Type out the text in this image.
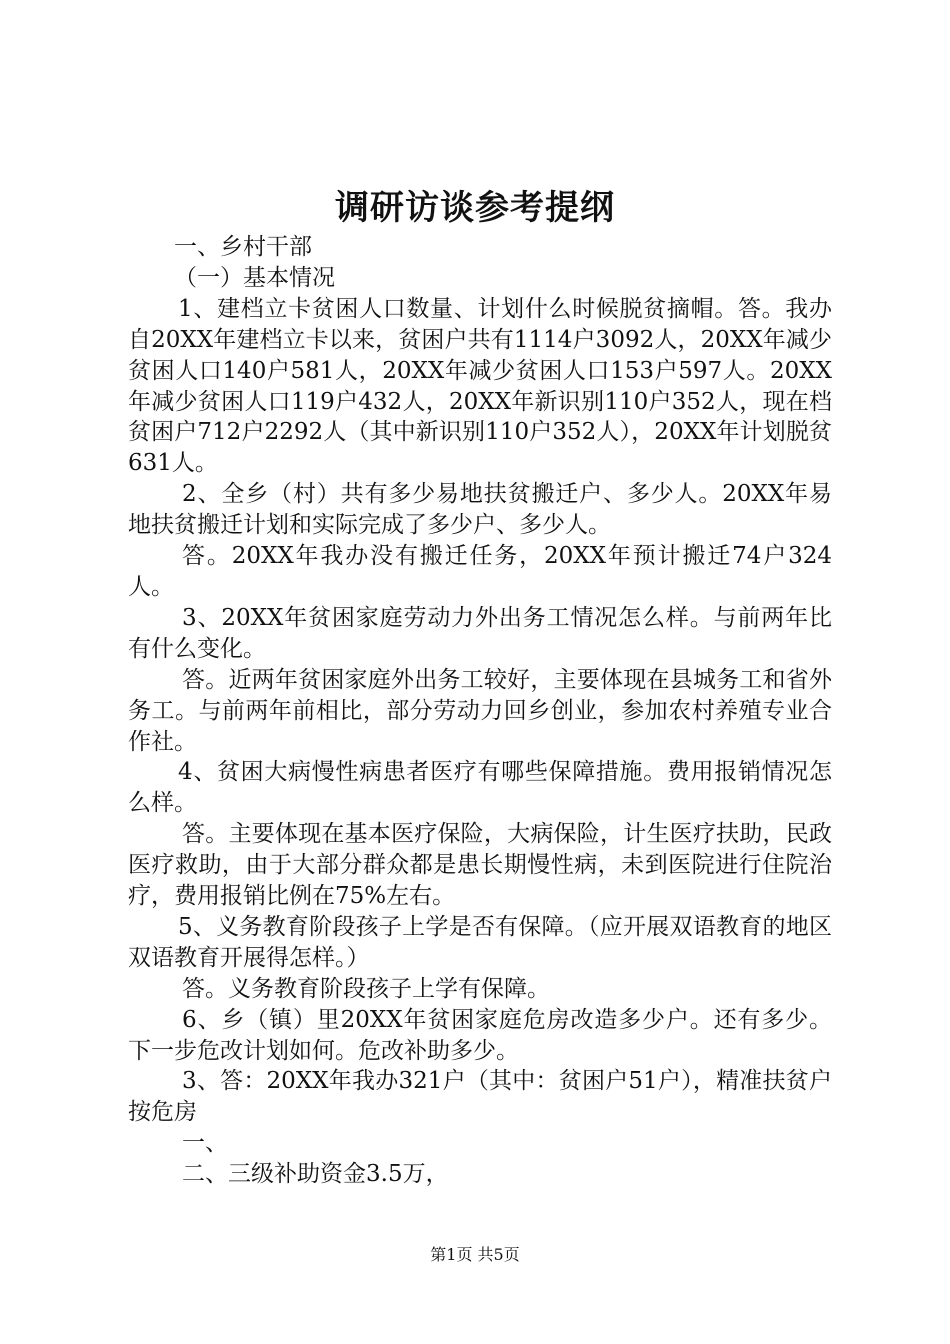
调研访谈参考提纲

一、乡村干部

（一）基本情况

1、建档立卡贫困人口数量、计划什么时候脱贫摘帽。答。我办自20XX年建档立卡以来，贫困户共有1114户3092人，20XX年减少贫困人口140户581人，20XX年减少贫困人口153户597人。20XX年减少贫困人口119户432人，20XX年新识别110户352人，现在档贫困户712户2292人（其中新识别110户352人），20XX年计划脱贫631人。

2、全乡（村）共有多少易地扶贫搬迁户、多少人。20XX年易地扶贫搬迁计划和实际完成了多少户、多少人。

答。20XX年我办没有搬迁任务，20XX年预计搬迁74户324人。

3、20XX年贫困家庭劳动力外出务工情况怎么样。与前两年比有什么变化。

答。近两年贫困家庭外出务工较好，主要体现在县城务工和省外务工。与前两年前相比，部分劳动力回乡创业，参加农村养殖专业合作社。

4、贫困大病慢性病患者医疗有哪些保障措施。费用报销情况怎么样。

答。主要体现在基本医疗保险，大病保险，计生医疗扶助，民政医疗救助，由于大部分群众都是患长期慢性病，未到医院进行住院治疗，费用报销比例在75%左右。

5、义务教育阶段孩子上学是否有保障。（应开展双语教育的地区双语教育开展得怎样。）

答。义务教育阶段孩子上学有保障。

6、乡（镇）里20XX年贫困家庭危房改造多少户。还有多少。下一步危改计划如何。危改补助多少。

3、答：20XX年我办321户（其中：贫困户51户），精准扶贫户按危房

一、

二、三级补助资金3.5万，

第1页 共5页
